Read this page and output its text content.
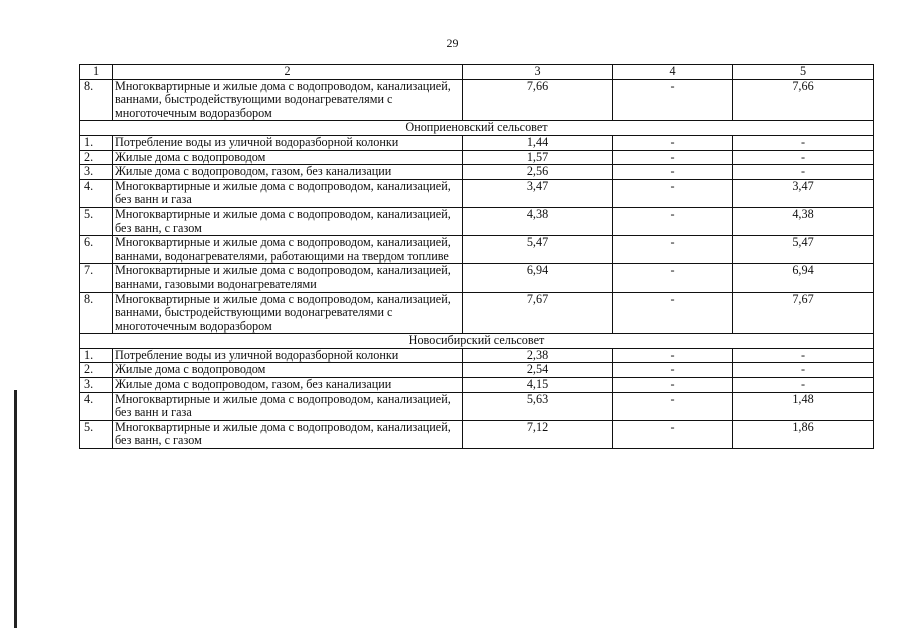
29
1	2	3	4	5
8.	Многоквартирные и жилые дома с водопроводом, канализацией, ваннами, быстродействующими водонагревателями с многоточечным водоразбором	7,66	-	7,66
Оноприеновский сельсовет				
1.	Потребление воды из уличной водоразборной колонки	1,44	-	-
2.	Жилые дома с водопроводом	1,57	-	-
3.	Жилые дома с водопроводом, газом, без канализации	2,56	-	-
4.	Многоквартирные и жилые дома с водопроводом, канализацией, без ванн и газа	3,47	-	3,47
5.	Многоквартирные и жилые дома с водопроводом, канализацией, без ванн, с газом	4,38	-	4,38
6.	Многоквартирные и жилые дома с водопроводом, канализацией, ваннами, водонагревателями, работающими на твердом топливе	5,47	-	5,47
7.	Многоквартирные и жилые дома с водопроводом, канализацией, ваннами, газовыми водонагревателями	6,94	-	6,94
8.	Многоквартирные и жилые дома с водопроводом, канализацией, ваннами, быстродействующими водонагревателями с многоточечным водоразбором	7,67	-	7,67
Новосибирский сельсовет				
1.	Потребление воды из уличной водоразборной колонки	2,38	-	-
2.	Жилые дома с водопроводом	2,54	-	-
3.	Жилые дома с водопроводом, газом, без канализации	4,15	-	-
4.	Многоквартирные и жилые дома с водопроводом, канализацией, без ванн и газа	5,63	-	1,48
5.	Многоквартирные и жилые дома с водопроводом, канализацией, без ванн, с газом	7,12	-	1,86
